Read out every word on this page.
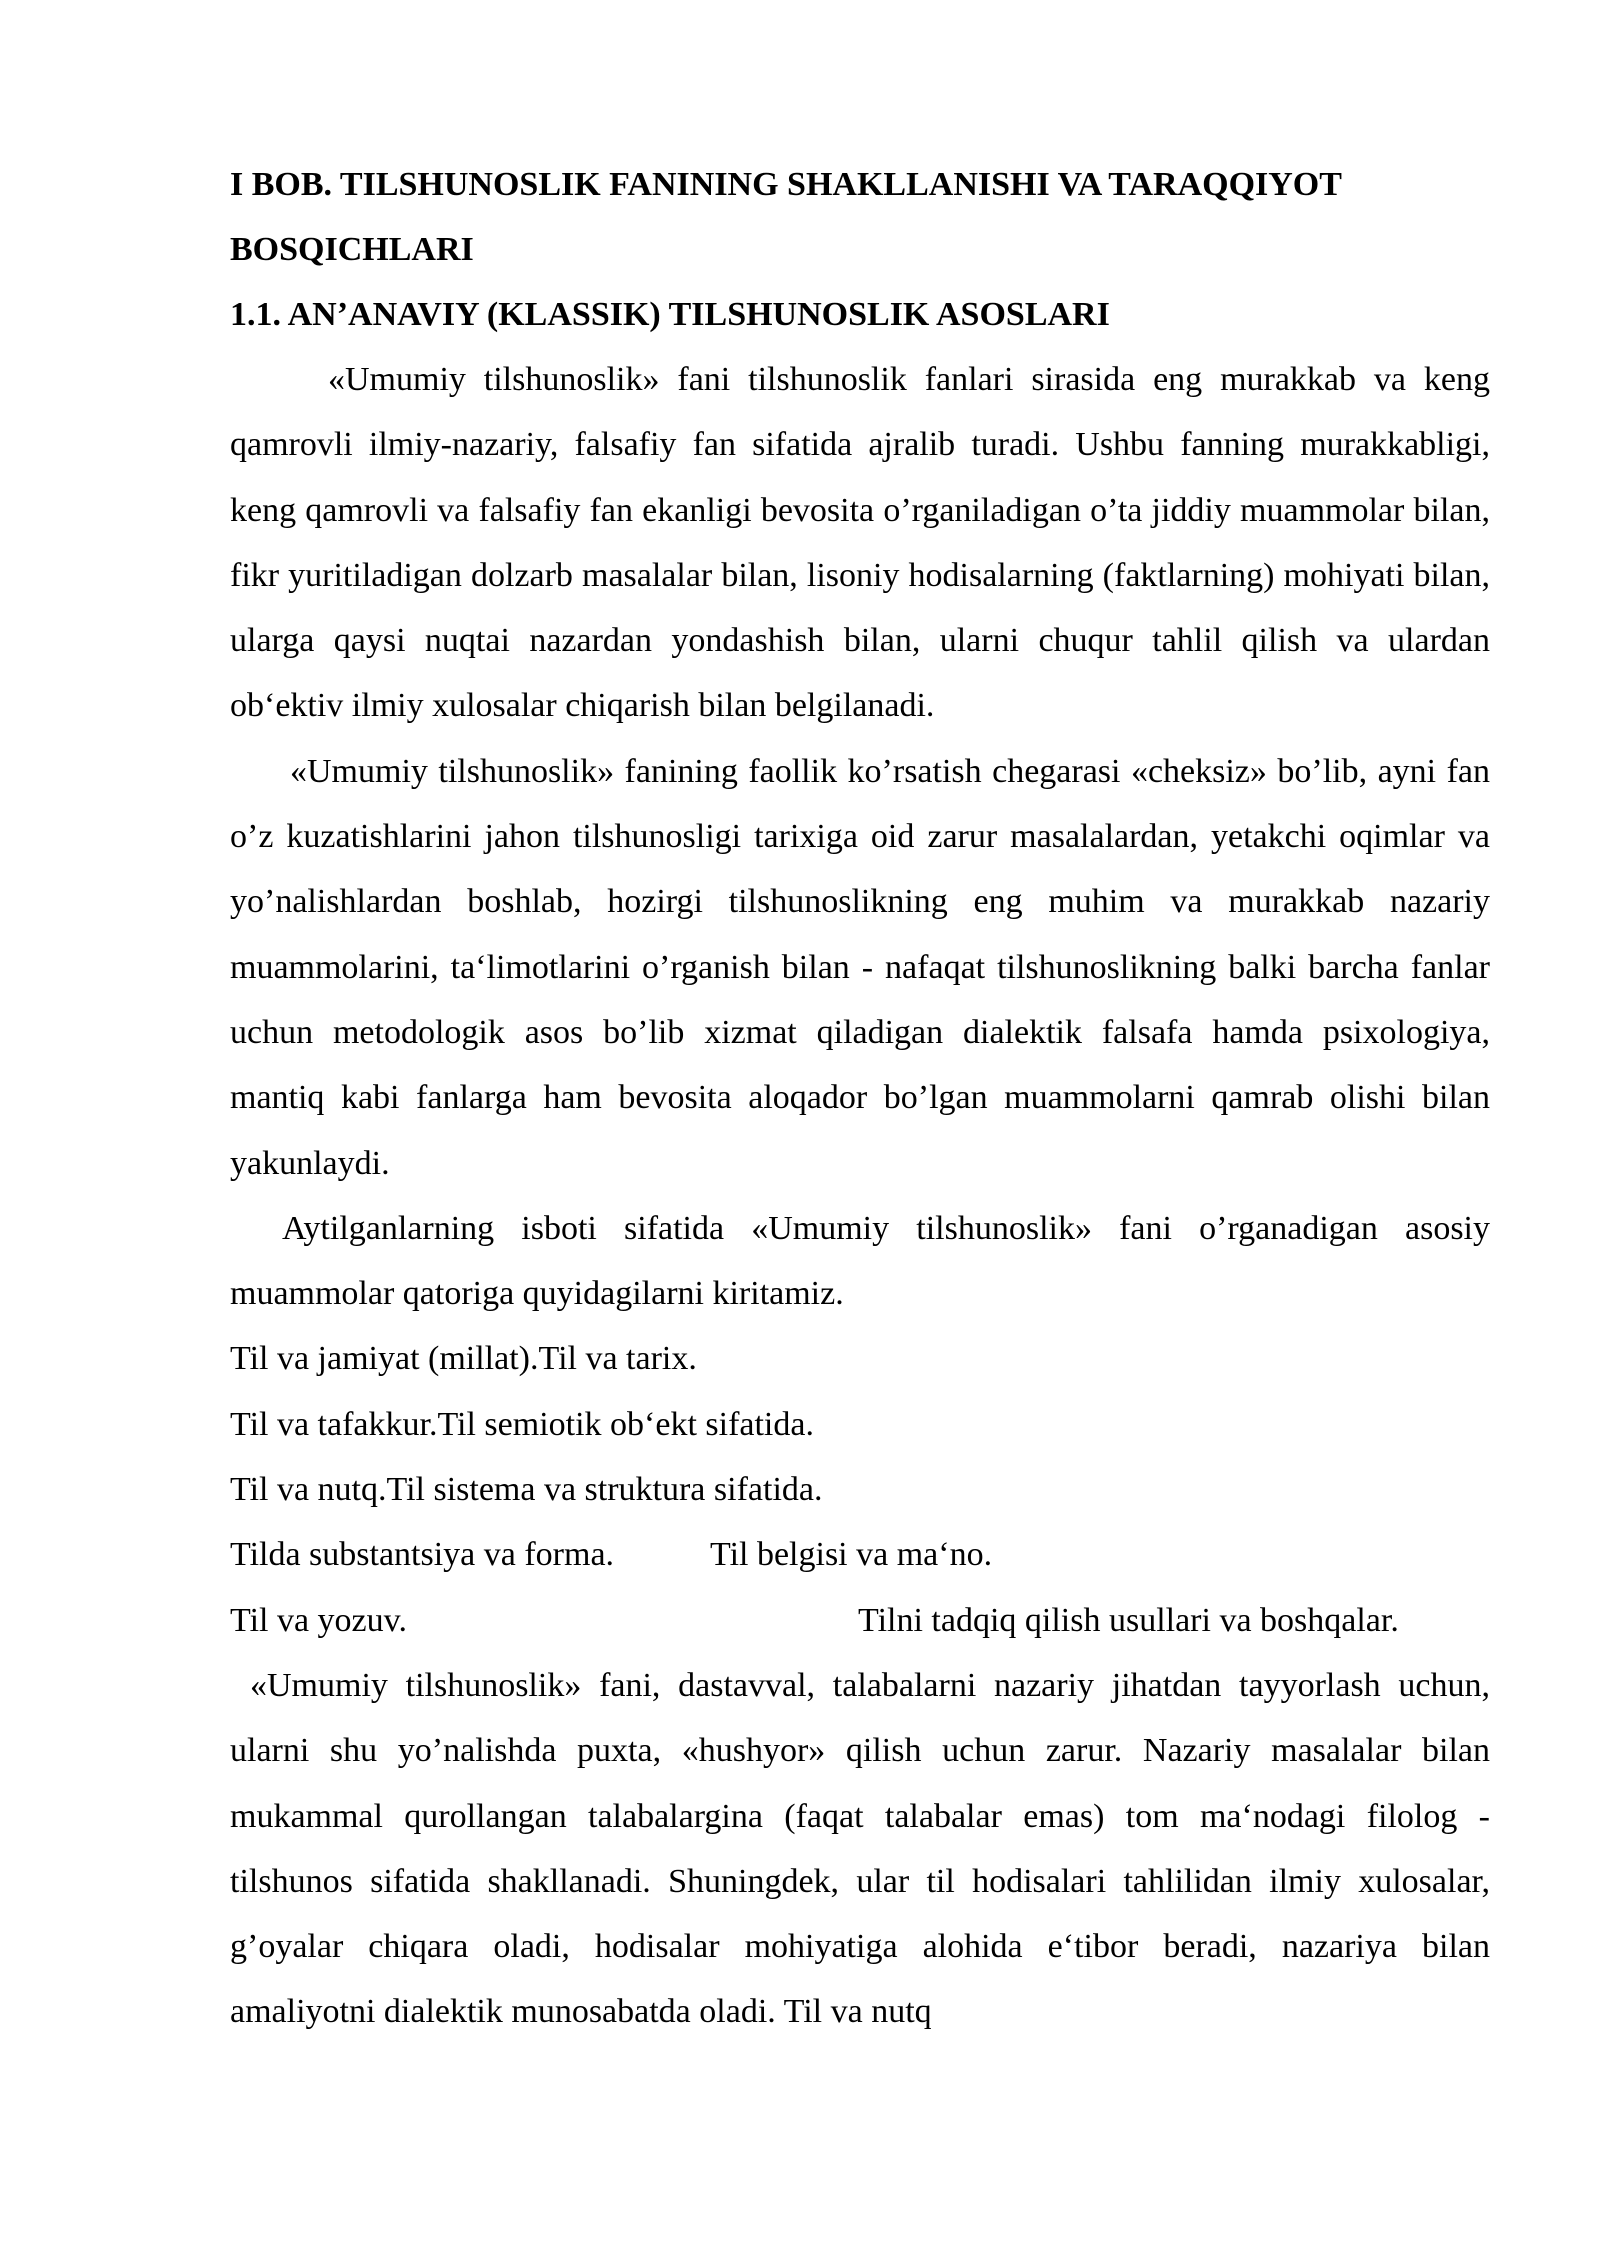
I BOB. TILSHUNOSLIK FANINING SHAKLLANISHI VA TARAQQIYOT BOSQICHLARI
1.1. AN’ANAVIY (KLASSIK) TILSHUNOSLIK ASOSLARI

«Umumiy tilshunoslik» fani tilshunoslik fanlari sirasida eng murakkab va keng qamrovli ilmiy-nazariy, falsafiy fan sifatida ajralib turadi. Ushbu fanning murakkabligi, keng qamrovli va falsafiy fan ekanligi bevosita o’rganiladigan o’ta jiddiy muammolar bilan, fikr yuritiladigan dolzarb masalalar bilan, lisoniy hodisalarning (faktlarning) mohiyati bilan, ularga qaysi nuqtai nazardan yondashish bilan, ularni chuqur tahlil qilish va ulardan ob‘ektiv ilmiy xulosalar chiqarish bilan belgilanadi.

«Umumiy tilshunoslik» fanining faollik ko’rsatish chegarasi «cheksiz» bo’lib, ayni fan o’z kuzatishlarini jahon tilshunosligi tarixiga oid zarur masalalardan, yetakchi oqimlar va yo’nalishlardan boshlab, hozirgi tilshunoslikning eng muhim va murakkab nazariy muammolarini, ta‘limotlarini o’rganish bilan - nafaqat tilshunoslikning balki barcha fanlar uchun metodologik asos bo’lib xizmat qiladigan dialektik falsafa hamda psixologiya, mantiq kabi fanlarga ham bevosita aloqador bo’lgan muammolarni qamrab olishi bilan yakunlaydi.

Aytilganlarning isboti sifatida «Umumiy tilshunoslik» fani o’rganadigan asosiy muammolar qatoriga quyidagilarni kiritamiz.

Til va jamiyat (millat).Til va tarix.
Til va tafakkur.Til semiotik ob‘ekt sifatida.
Til va nutq.Til sistema va struktura sifatida.
Tilda substantsiya va forma.	Til belgisi va ma‘no.
Til va yozuv.	Tilni tadqiq qilish usullari va boshqalar.

«Umumiy tilshunoslik» fani, dastavval, talabalarni nazariy jihatdan tayyorlash uchun, ularni shu yo’nalishda puxta, «hushyor» qilish uchun zarur. Nazariy masalalar bilan mukammal qurollangan talabalargina (faqat talabalar emas) tom ma‘nodagi filolog - tilshunos sifatida shakllanadi. Shuningdek, ular til hodisalari tahlilidan ilmiy xulosalar, g’oyalar chiqara oladi, hodisalar mohiyatiga alohida e‘tibor beradi, nazariya bilan amaliyotni dialektik munosabatda oladi. Til va nutq
